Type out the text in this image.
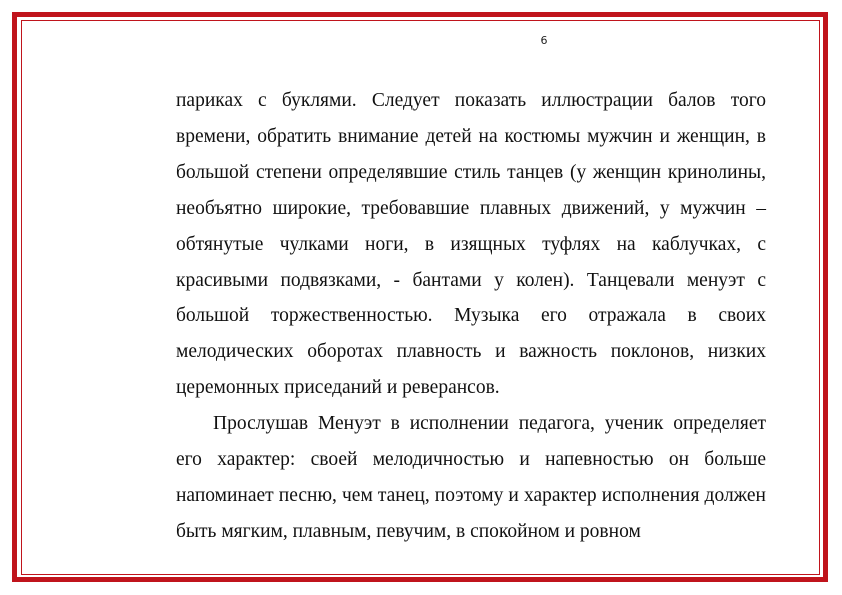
6

париках с буклями. Следует показать иллюстрации балов того времени, обратить внимание детей на костюмы мужчин и женщин, в большой степени определявшие стиль танцев (у женщин кринолины, необъятно широкие, требовавшие плавных движений, у мужчин – обтянутые чулками ноги, в изящных туфлях на каблучках, с красивыми подвязками, - бантами у колен). Танцевали менуэт с большой торжественностью. Музыка его отражала в своих мелодических оборотах плавность и важность поклонов, низких церемонных приседаний и реверансов.

Прослушав Менуэт в исполнении педагога, ученик определяет его характер: своей мелодичностью и напевностью он больше напоминает песню, чем танец, поэтому и характер исполнения должен быть мягким, плавным, певучим, в спокойном и ровном
